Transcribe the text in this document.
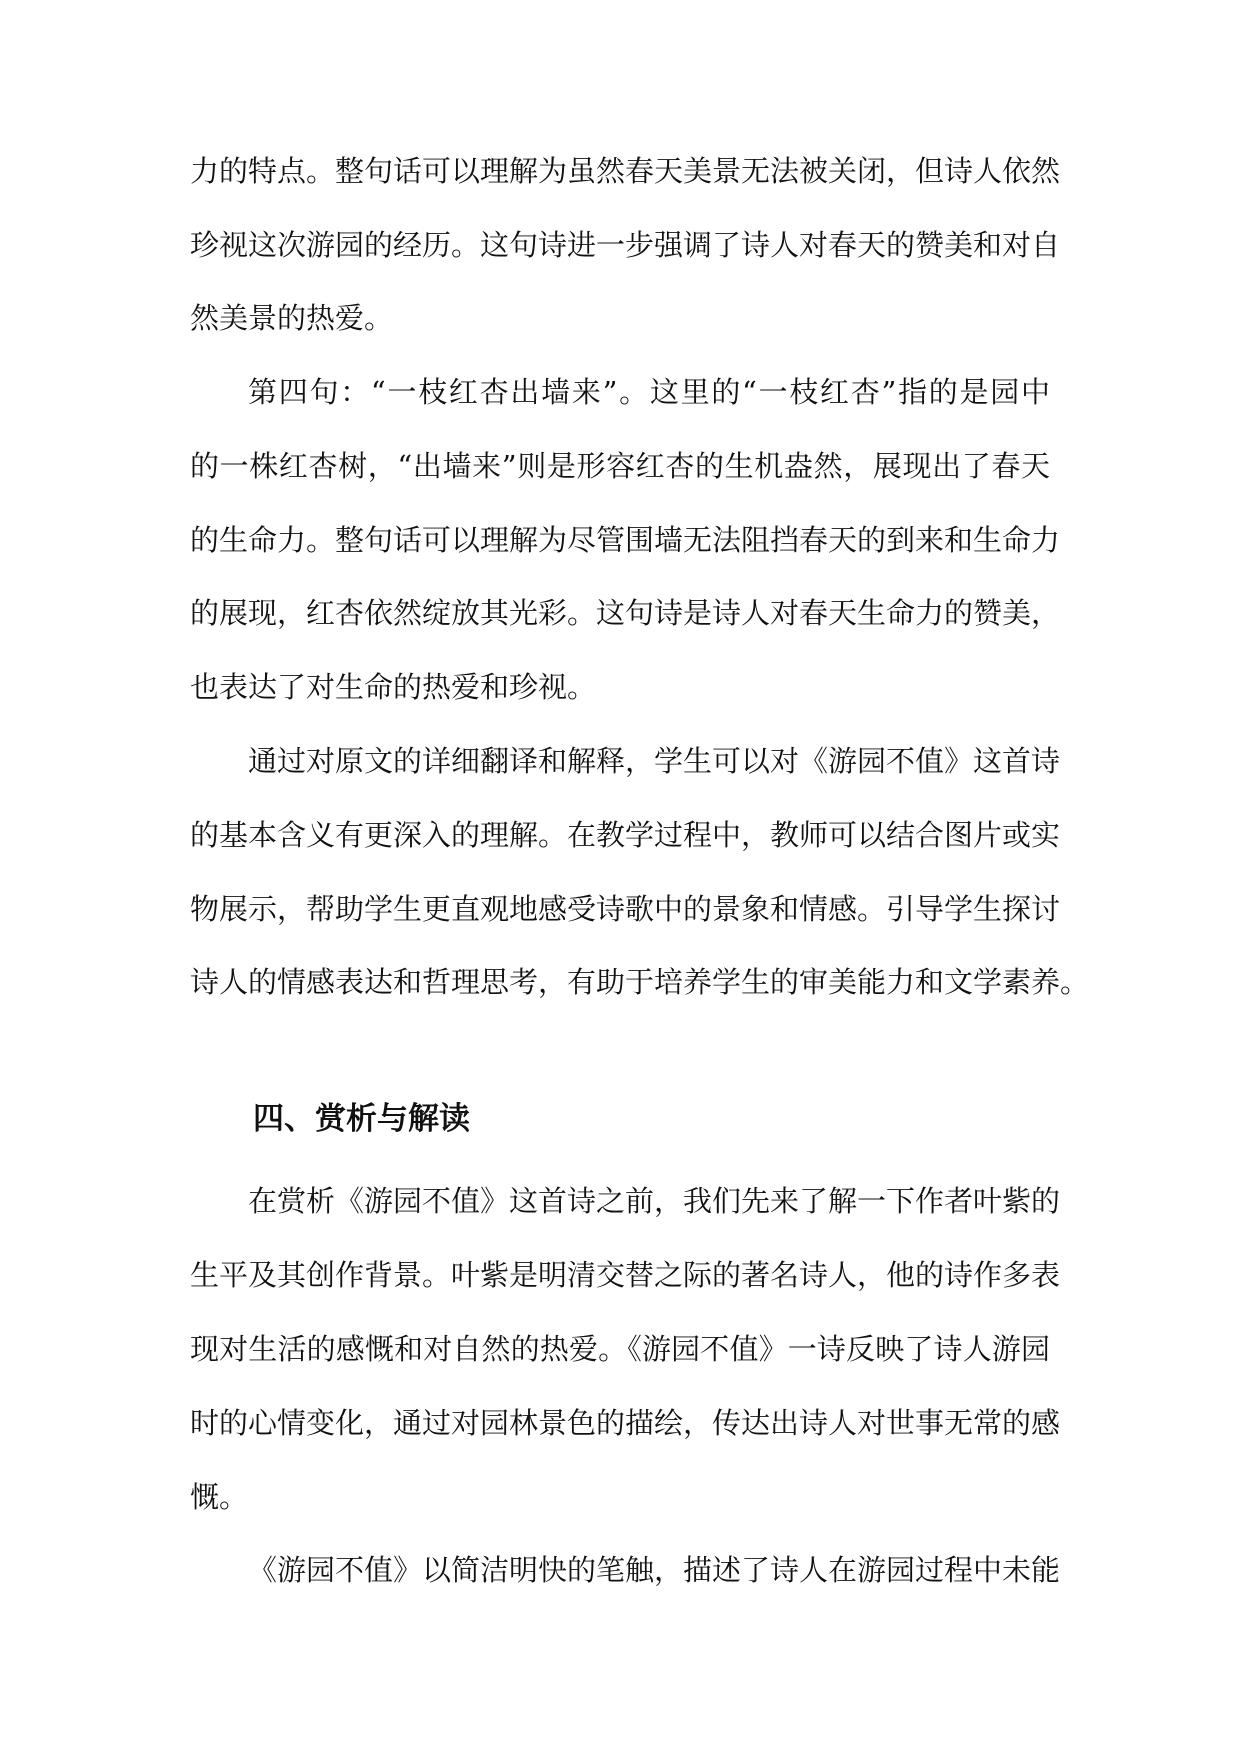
力的特点。整句话可以理解为虽然春天美景无法被关闭，但诗人依然
珍视这次游园的经历。这句诗进一步强调了诗人对春天的赞美和对自
然美景的热爱。
第四句：“一枝红杏出墙来”。这里的“一枝红杏”指的是园中
的一株红杏树，“出墙来”则是形容红杏的生机盎然，展现出了春天
的生命力。整句话可以理解为尽管围墙无法阻挡春天的到来和生命力
的展现，红杏依然绽放其光彩。这句诗是诗人对春天生命力的赞美，
也表达了对生命的热爱和珍视。
通过对原文的详细翻译和解释，学生可以对《游园不值》这首诗
的基本含义有更深入的理解。在教学过程中，教师可以结合图片或实
物展示，帮助学生更直观地感受诗歌中的景象和情感。引导学生探讨
诗人的情感表达和哲理思考，有助于培养学生的审美能力和文学素养。
四、赏析与解读
在赏析《游园不值》这首诗之前，我们先来了解一下作者叶紫的
生平及其创作背景。叶紫是明清交替之际的著名诗人，他的诗作多表
现对生活的感慨和对自然的热爱。《游园不值》一诗反映了诗人游园
时的心情变化，通过对园林景色的描绘，传达出诗人对世事无常的感
慨。
《游园不值》以简洁明快的笔触，描述了诗人在游园过程中未能
